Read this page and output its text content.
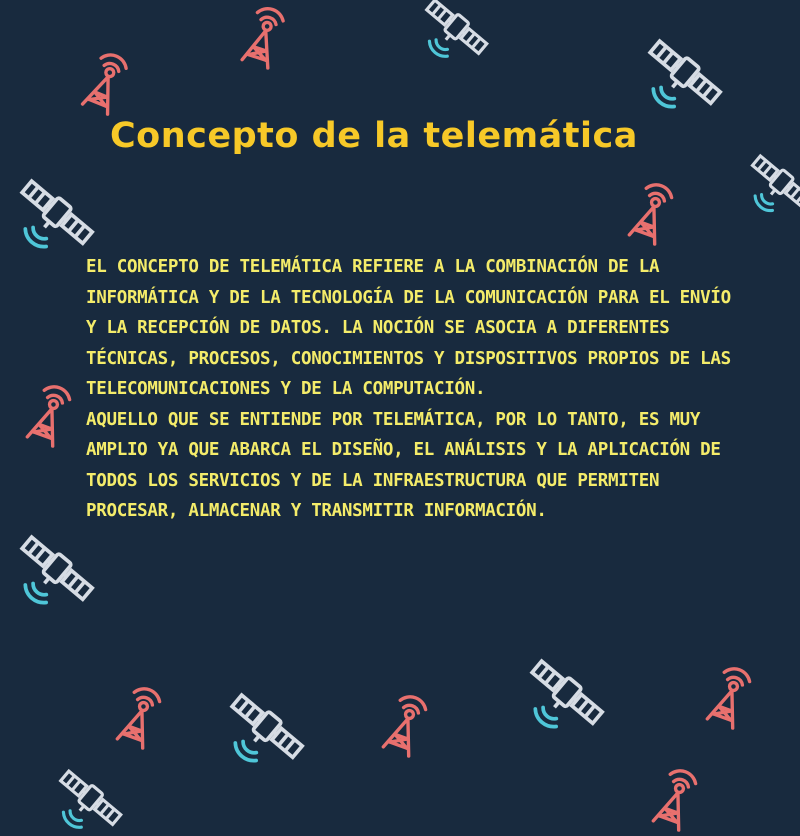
Concepto de la telemática

EL CONCEPTO DE TELEMÁTICA REFIERE A LA COMBINACIÓN DE LA INFORMÁTICA Y DE LA TECNOLOGÍA DE LA COMUNICACIÓN PARA EL ENVÍO Y LA RECEPCIÓN DE DATOS. LA NOCIÓN SE ASOCIA A DIFERENTES TÉCNICAS, PROCESOS, CONOCIMIENTOS Y DISPOSITIVOS PROPIOS DE LAS TELECOMUNICACIONES Y DE LA COMPUTACIÓN.

AQUELLO QUE SE ENTIENDE POR TELEMÁTICA, POR LO TANTO, ES MUY AMPLIO YA QUE ABARCA EL DISEÑO, EL ANÁLISIS Y LA APLICACIÓN DE TODOS LOS SERVICIOS Y DE LA INFRAESTRUCTURA QUE PERMITEN PROCESAR, ALMACENAR Y TRANSMITIR INFORMACIÓN.
